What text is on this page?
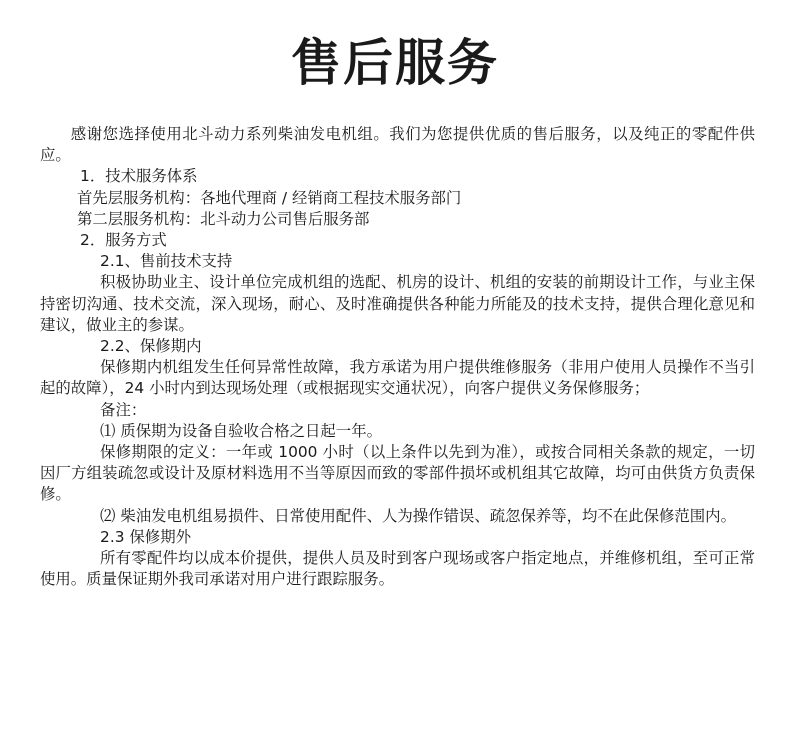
售后服务

感谢您选择使用北斗动力系列柴油发电机组。我们为您提供优质的售后服务，以及纯正的零配件供应。

1．技术服务体系

首先层服务机构：各地代理商 / 经销商工程技术服务部门

第二层服务机构：北斗动力公司售后服务部

2．服务方式

2.1、售前技术支持

积极协助业主、设计单位完成机组的选配、机房的设计、机组的安装的前期设计工作，与业主保持密切沟通、技术交流，深入现场，耐心、及时准确提供各种能力所能及的技术支持，提供合理化意见和建议，做业主的参谋。

2.2、保修期内

保修期内机组发生任何异常性故障，我方承诺为用户提供维修服务（非用户使用人员操作不当引起的故障），24 小时内到达现场处理（或根据现实交通状况），向客户提供义务保修服务；

备注：

⑴ 质保期为设备自验收合格之日起一年。

保修期限的定义：一年或 1000 小时（以上条件以先到为准），或按合同相关条款的规定，一切因厂方组装疏忽或设计及原材料选用不当等原因而致的零部件损坏或机组其它故障，均可由供货方负责保修。

⑵ 柴油发电机组易损件、日常使用配件、人为操作错误、疏忽保养等，均不在此保修范围内。

2.3 保修期外

所有零配件均以成本价提供，提供人员及时到客户现场或客户指定地点，并维修机组，至可正常使用。质量保证期外我司承诺对用户进行跟踪服务。
